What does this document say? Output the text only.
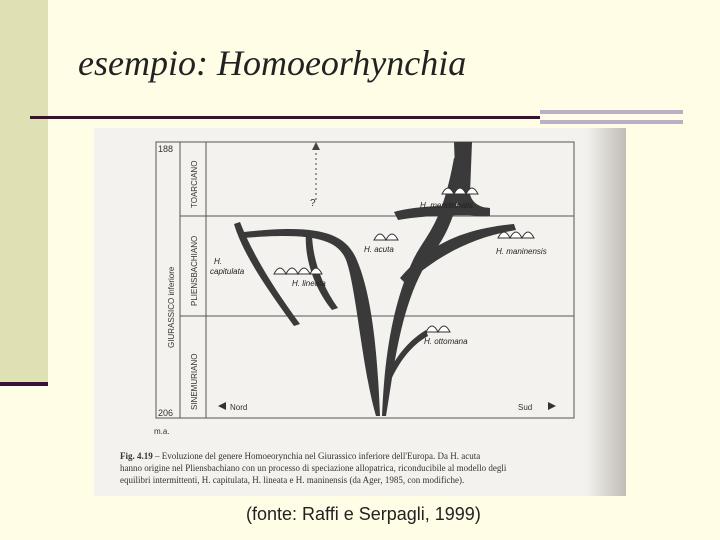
esempio: Homoeorhynchia
188
206
m.a.
GIURASSICO inferiore
TOARCIANO
PLIENSBACHIANO
SINEMURIANO
?	H. meridionalis
H. acuta	H. maninensis
H.
capitulata
H. lineata
H. ottomana
Nord	Sud
Fig. 4.19 – Evoluzione del genere Homoeorynchia nel Giurassico inferiore dell'Europa. Da H. acuta
hanno origine nel Pliensbachiano con un processo di speciazione allopatrica, riconducibile al modello degli
equilibri intermittenti, H. capitulata, H. lineata e H. maninensis (da Ager, 1985, con modifiche).
(fonte: Raffi e Serpagli, 1999)
